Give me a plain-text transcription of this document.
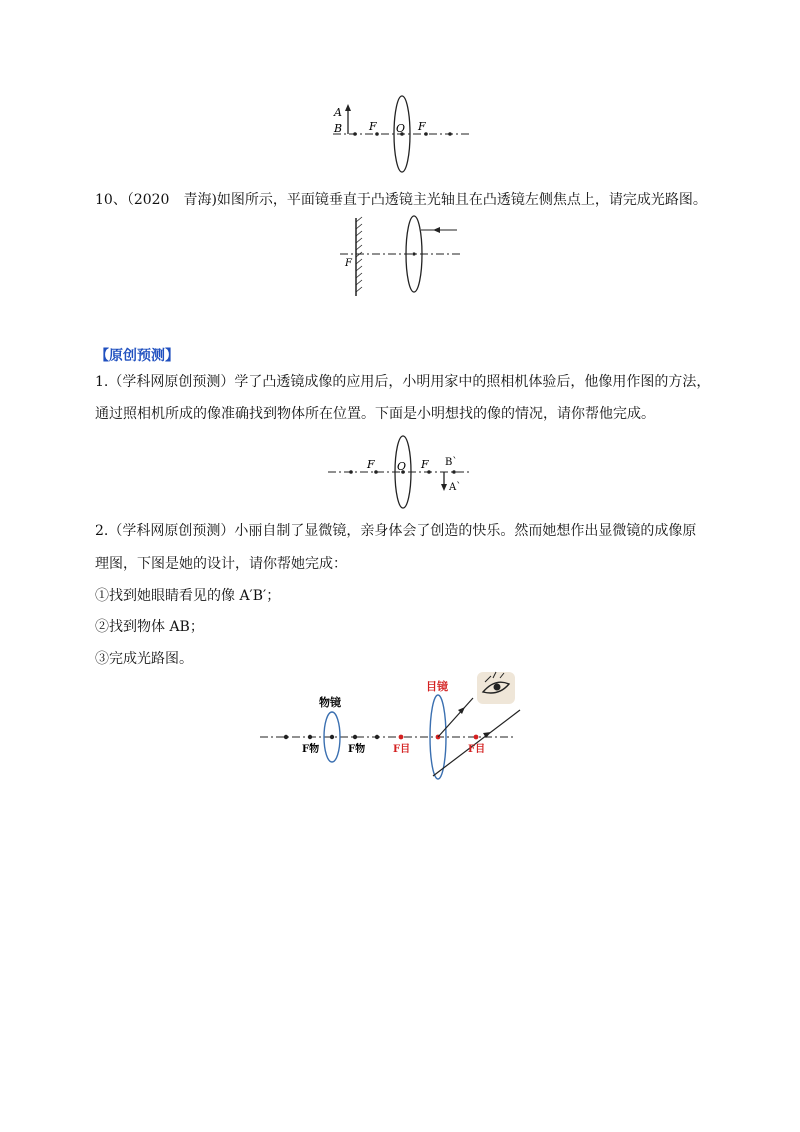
A
B F O F
10、（2020　青海)如图所示，平面镜垂直于凸透镜主光轴且在凸透镜左侧焦点上，请完成光路图。
F
【原创预测】
1.（学科网原创预测）学了凸透镜成像的应用后，小明用家中的照相机体验后，他像用作图的方法，
通过照相机所成的像准确找到物体所在位置。下面是小明想找的像的情况，请你帮他完成。
F O F B`
A`
2.（学科网原创预测）小丽自制了显微镜，亲身体会了创造的快乐。然而她想作出显微镜的成像原
理图，下图是她的设计，请你帮她完成：
①找到她眼睛看见的像 A′B′；
②找到物体 AB；
③完成光路图。
物镜
目镜
F物	F物	F目	F目
